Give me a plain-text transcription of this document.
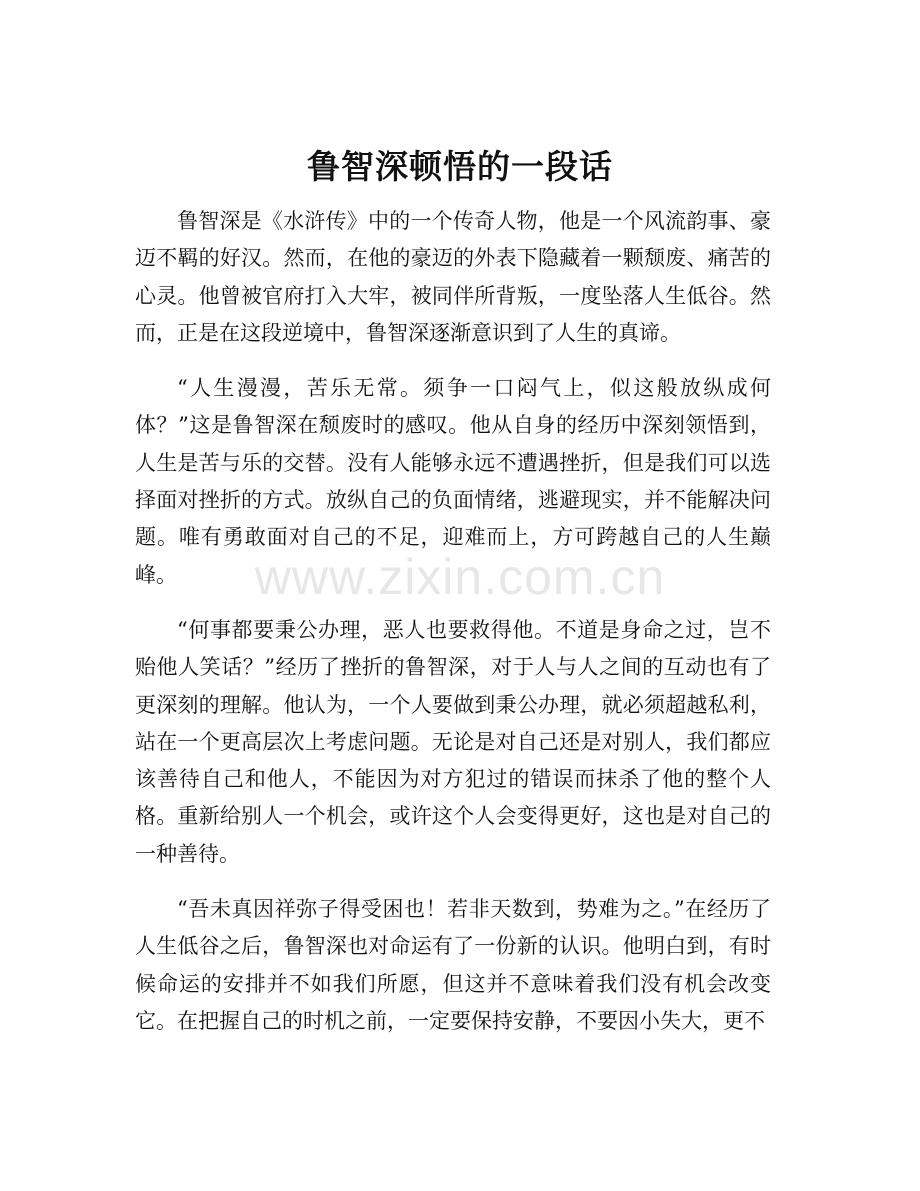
鲁智深顿悟的一段话

鲁智深是《水浒传》中的一个传奇人物，他是一个风流韵事、豪迈不羁的好汉。然而，在他的豪迈的外表下隐藏着一颗颓废、痛苦的心灵。他曾被官府打入大牢，被同伴所背叛，一度坠落人生低谷。然而，正是在这段逆境中，鲁智深逐渐意识到了人生的真谛。

“人生漫漫，苦乐无常。须争一口闷气上，似这般放纵成何体？”这是鲁智深在颓废时的感叹。他从自身的经历中深刻领悟到，人生是苦与乐的交替。没有人能够永远不遭遇挫折，但是我们可以选择面对挫折的方式。放纵自己的负面情绪，逃避现实，并不能解决问题。唯有勇敢面对自己的不足，迎难而上，方可跨越自己的人生巅峰。

“何事都要秉公办理，恶人也要救得他。不道是身命之过，岂不贻他人笑话？”经历了挫折的鲁智深，对于人与人之间的互动也有了更深刻的理解。他认为，一个人要做到秉公办理，就必须超越私利，站在一个更高层次上考虑问题。无论是对自己还是对别人，我们都应该善待自己和他人，不能因为对方犯过的错误而抹杀了他的整个人格。重新给别人一个机会，或许这个人会变得更好，这也是对自己的一种善待。

“吾未真因祥弥子得受困也！若非天数到，势难为之。”在经历了人生低谷之后，鲁智深也对命运有了一份新的认识。他明白到，有时候命运的安排并不如我们所愿，但这并不意味着我们没有机会改变它。在把握自己的时机之前，一定要保持安静，不要因小失大，更不

www.zixin.com.cn
